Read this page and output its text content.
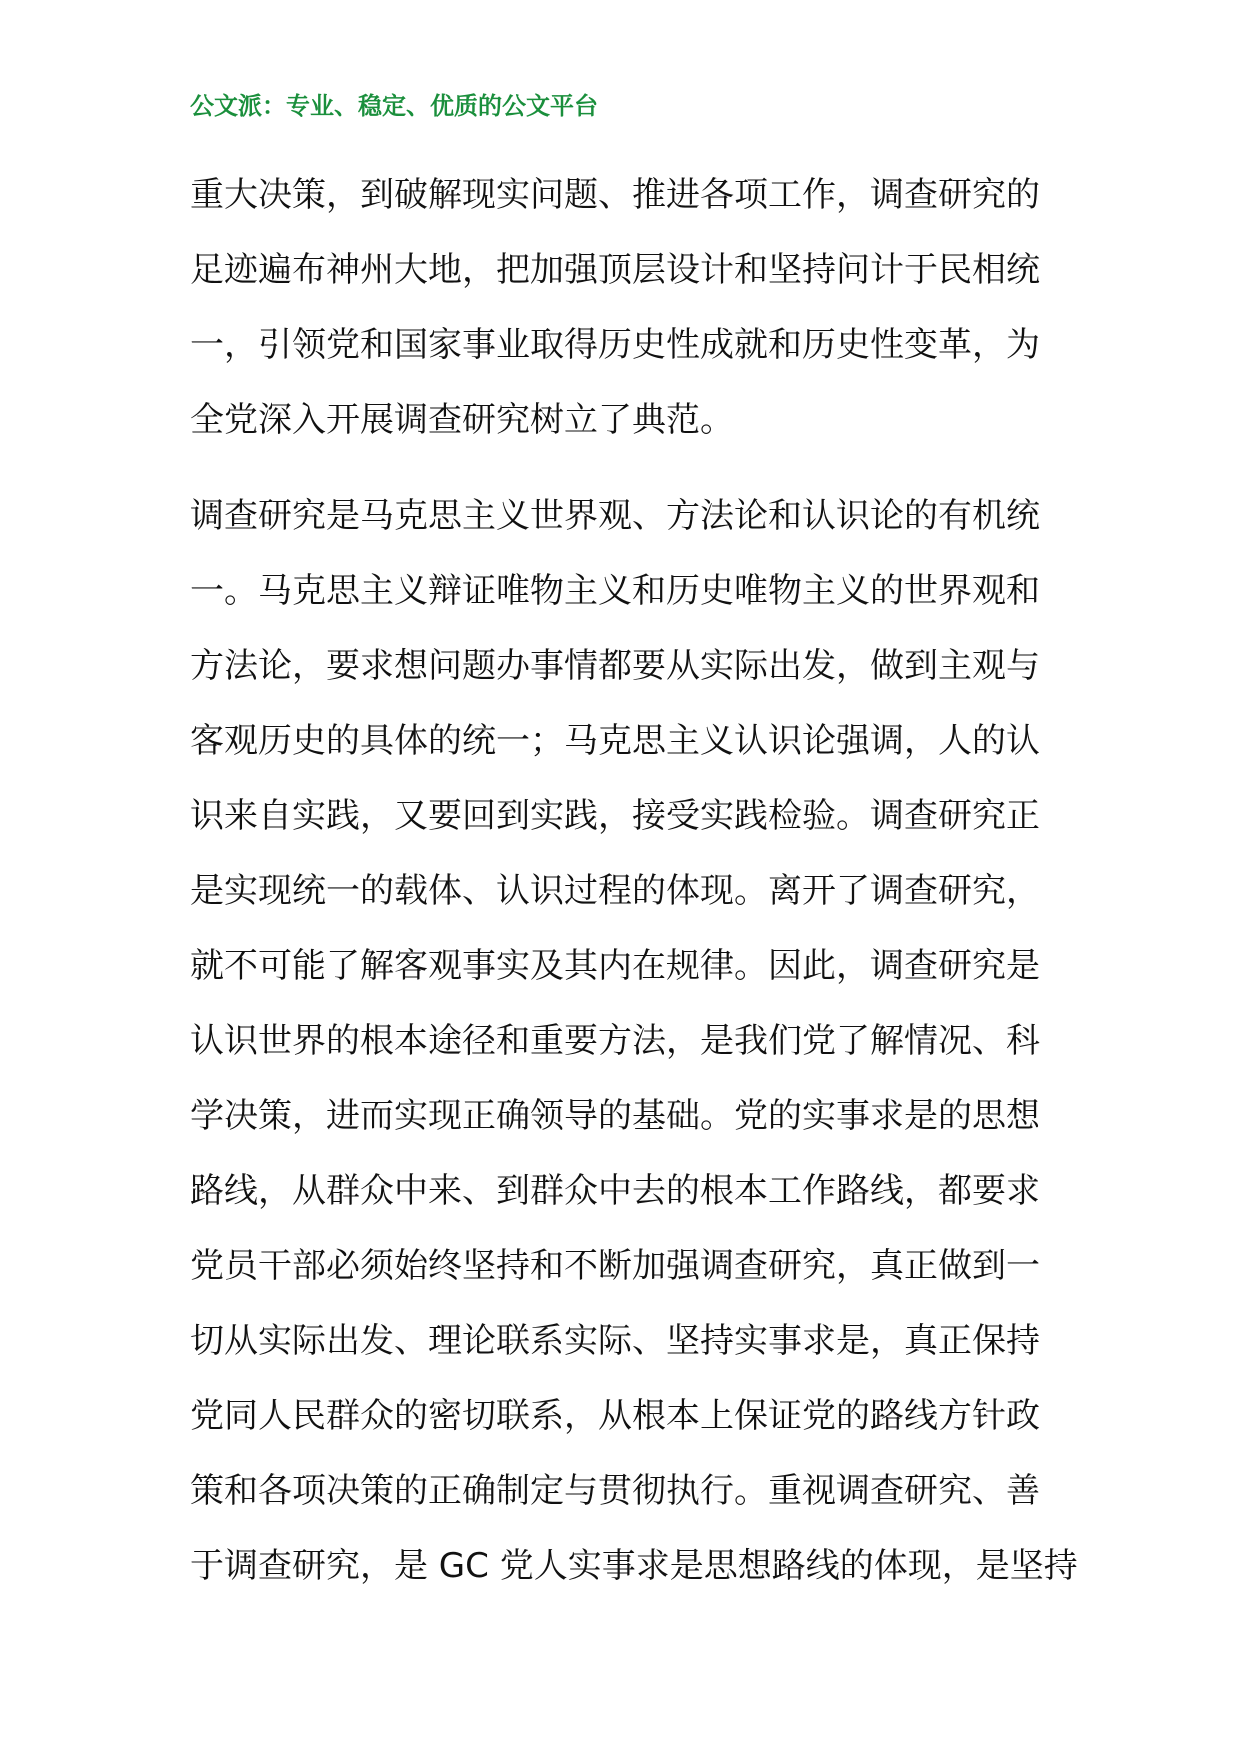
公文派：专业、稳定、优质的公文平台

重大决策，到破解现实问题、推进各项工作，调查研究的
足迹遍布神州大地，把加强顶层设计和坚持问计于民相统
一，引领党和国家事业取得历史性成就和历史性变革，为
全党深入开展调查研究树立了典范。

调查研究是马克思主义世界观、方法论和认识论的有机统
一。马克思主义辩证唯物主义和历史唯物主义的世界观和
方法论，要求想问题办事情都要从实际出发，做到主观与
客观历史的具体的统一；马克思主义认识论强调，人的认
识来自实践，又要回到实践，接受实践检验。调查研究正
是实现统一的载体、认识过程的体现。离开了调查研究，
就不可能了解客观事实及其内在规律。因此，调查研究是
认识世界的根本途径和重要方法，是我们党了解情况、科
学决策，进而实现正确领导的基础。党的实事求是的思想
路线，从群众中来、到群众中去的根本工作路线，都要求
党员干部必须始终坚持和不断加强调查研究，真正做到一
切从实际出发、理论联系实际、坚持实事求是，真正保持
党同人民群众的密切联系，从根本上保证党的路线方针政
策和各项决策的正确制定与贯彻执行。重视调查研究、善
于调查研究，是 GC 党人实事求是思想路线的体现，是坚持
